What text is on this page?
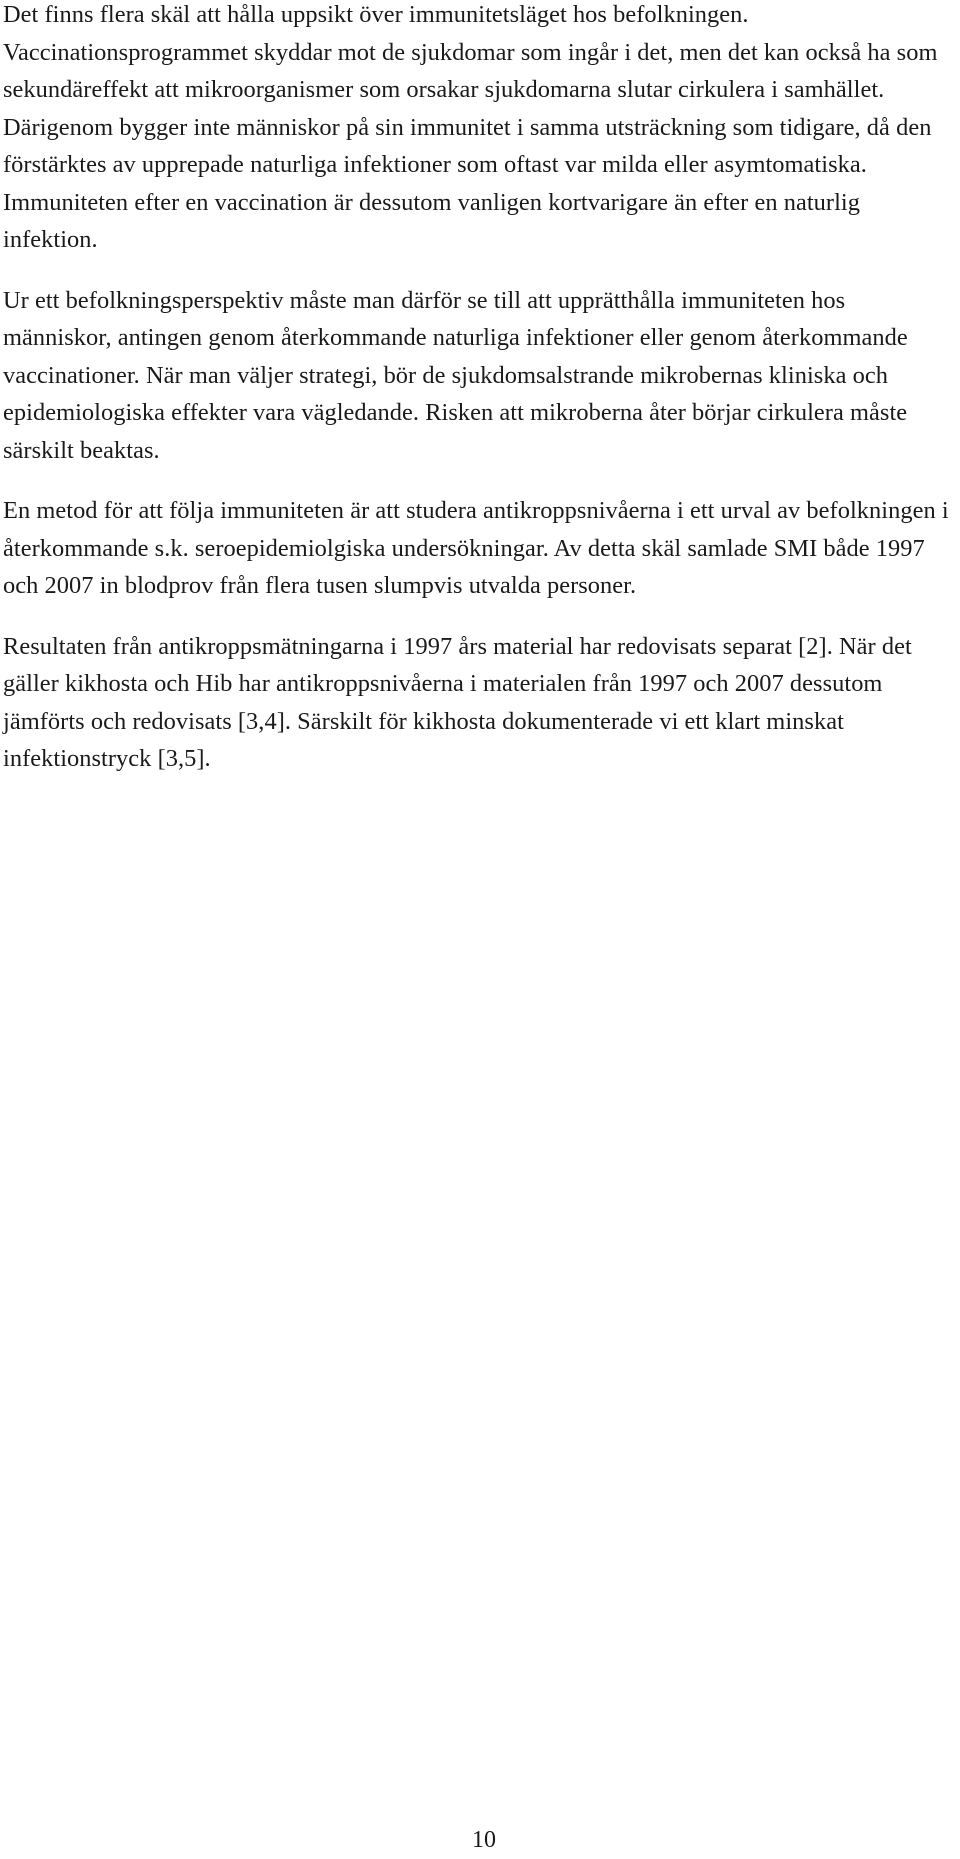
Det finns flera skäl att hålla uppsikt över immunitetsläget hos befolkningen. Vaccinationsprogrammet skyddar mot de sjukdomar som ingår i det, men det kan också ha som sekundäreffekt att mikroorganismer som orsakar sjukdomarna slutar cirkulera i samhället. Därigenom bygger inte människor på sin immunitet i samma utsträckning som tidigare, då den förstärktes av upprepade naturliga infektioner som oftast var milda eller asymtomatiska. Immuniteten efter en vaccination är dessutom vanligen kortvarigare än efter en naturlig infektion.

Ur ett befolkningsperspektiv måste man därför se till att upprätthålla immuniteten hos människor, antingen genom återkommande naturliga infektioner eller genom återkommande vaccinationer. När man väljer strategi, bör de sjukdomsalstrande mikrobernas kliniska och epidemiologiska effekter vara vägledande. Risken att mikroberna åter börjar cirkulera måste särskilt beaktas.

En metod för att följa immuniteten är att studera antikroppsnivåerna i ett urval av befolkningen i återkommande s.k. seroepidemiolgiska undersökningar. Av detta skäl samlade SMI både 1997 och 2007 in blodprov från flera tusen slumpvis utvalda personer.

Resultaten från antikroppsmätningarna i 1997 års material har redovisats separat [2]. När det gäller kikhosta och Hib har antikroppsnivåerna i materialen från 1997 och 2007 dessutom jämförts och redovisats [3,4]. Särskilt för kikhosta dokumenterade vi ett klart minskat infektionstryck [3,5].

10
